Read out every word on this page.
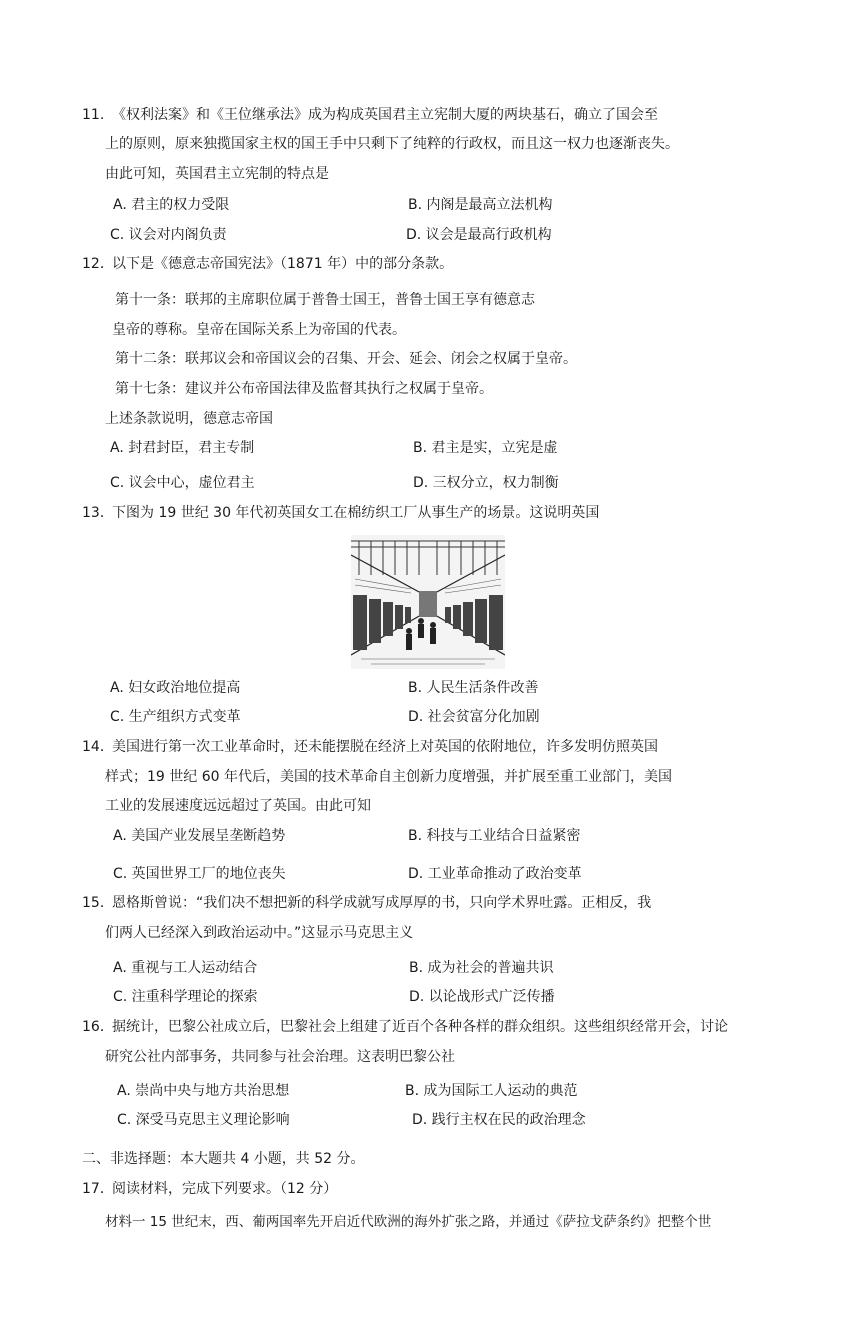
11. 《权利法案》和《王位继承法》成为构成英国君主立宪制大厦的两块基石，确立了国会至
上的原则，原来独揽国家主权的国王手中只剩下了纯粹的行政权，而且这一权力也逐渐丧失。
由此可知，英国君主立宪制的特点是
A. 君主的权力受限	B. 内阁是最高立法机构
C. 议会对内阁负责	D. 议会是最高行政机构
12．
以下是《德意志帝国宪法》（1871 年）中的部分条款。
第十一条：联邦的主席职位属于普鲁士国王，普鲁士国王享有德意志
皇帝的尊称。皇帝在国际关系上为帝国的代表。
第十二条：联邦议会和帝国议会的召集、开会、延会、闭会之权属于皇帝。
第十七条：建议并公布帝国法律及监督其执行之权属于皇帝。
上述条款说明，德意志帝国
A. 封君封臣，君主专制	B. 君主是实，立宪是虚
C. 议会中心，虚位君主	D. 三权分立，权力制衡
13．
下图为 19 世纪 30 年代初英国女工在棉纺织工厂从事生产的场景。这说明英国
A. 妇女政治地位提高	B. 人民生活条件改善
C. 生产组织方式变革	D. 社会贫富分化加剧
14．
美国进行第一次工业革命时，还未能摆脱在经济上对英国的依附地位，许多发明仿照英国
样式；19 世纪 60 年代后，美国的技术革命自主创新力度增强，并扩展至重工业部门，美国
工业的发展速度远远超过了英国。由此可知
A. 美国产业发展呈垄断趋势	B. 科技与工业结合日益紧密
C. 英国世界工厂的地位丧失	D. 工业革命推动了政治变革
15．
恩格斯曾说：“我们决不想把新的科学成就写成厚厚的书，只向学术界吐露。正相反，我
们两人已经深入到政治运动中。”这显示马克思主义
A. 重视与工人运动结合	B. 成为社会的普遍共识
C. 注重科学理论的探索	D. 以论战形式广泛传播
16．
据统计，巴黎公社成立后，巴黎社会上组建了近百个各种各样的群众组织。这些组织经常开会，讨论
研究公社内部事务，共同参与社会治理。这表明巴黎公社
A. 崇尚中央与地方共治思想	B. 成为国际工人运动的典范
C. 深受马克思主义理论影响	D. 践行主权在民的政治理念
二、非选择题：本大题共 4 小题，共 52 分。
17．
阅读材料，完成下列要求。（12 分）
材料一 15 世纪末，西、葡两国率先开启近代欧洲的海外扩张之路，并通过《萨拉戈萨条约》把整个世
